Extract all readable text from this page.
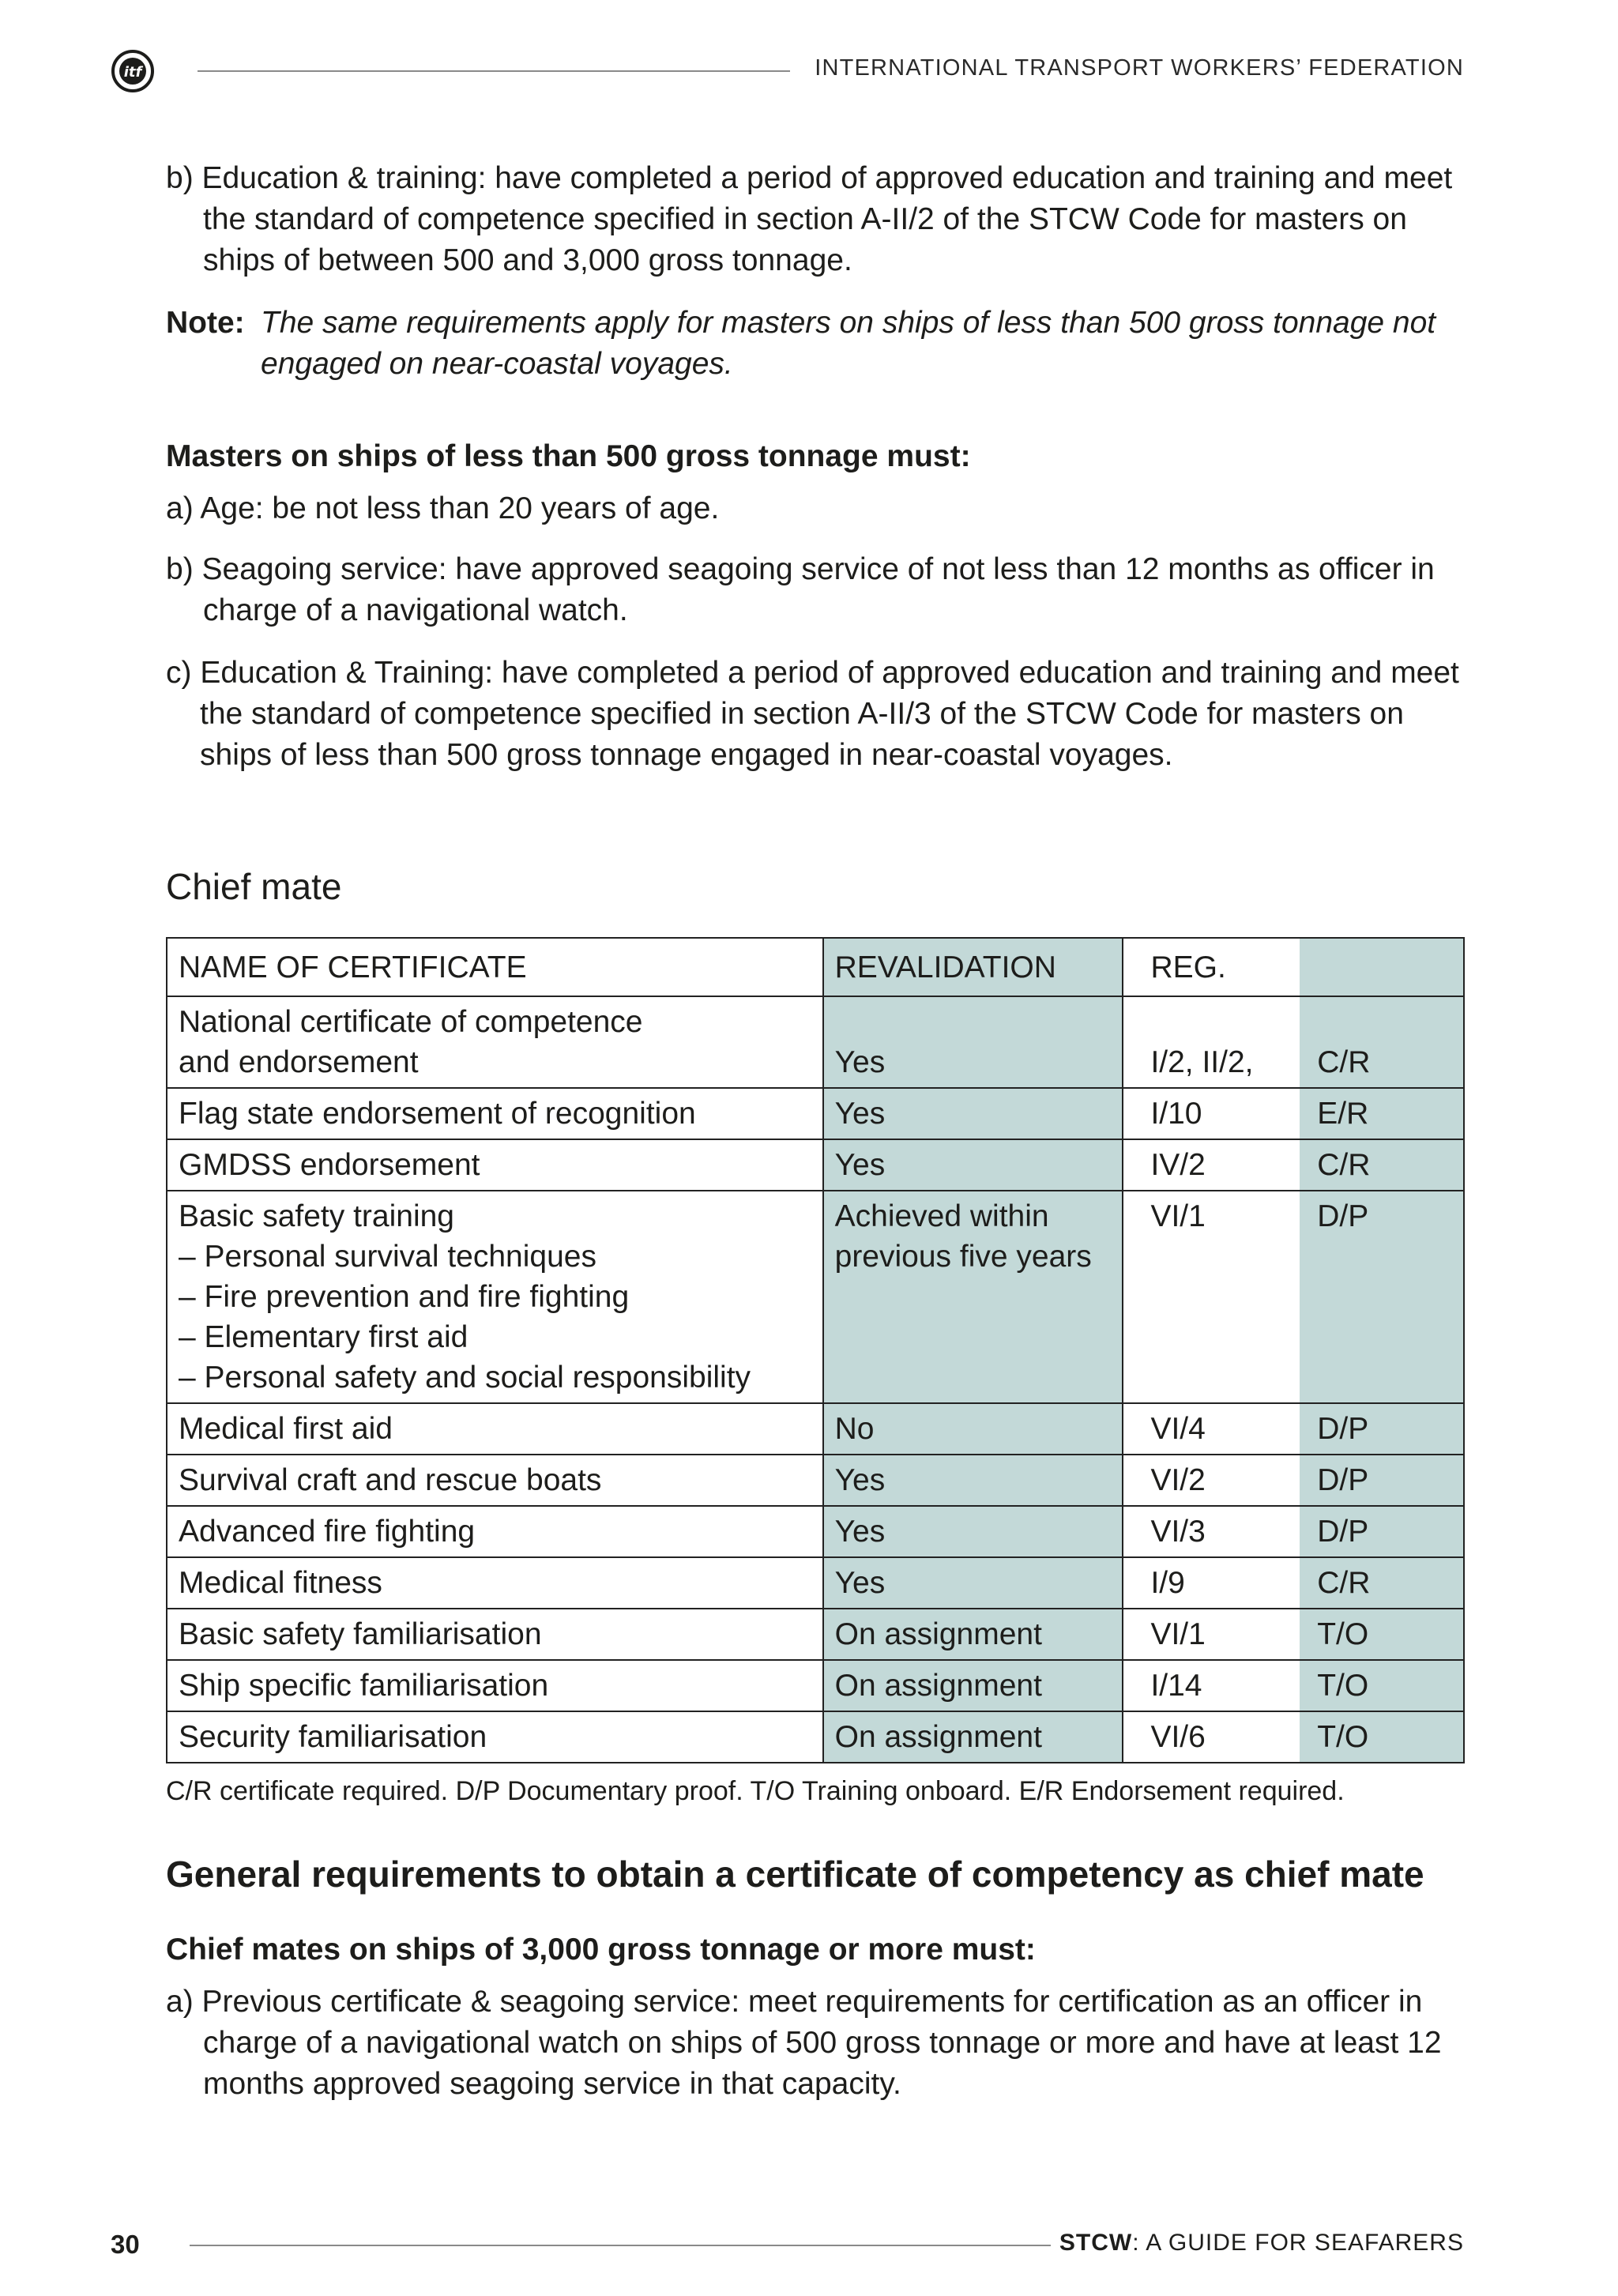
itf	INTERNATIONAL TRANSPORT WORKERS’ FEDERATION

b) Education & training: have completed a period of approved education and training and meet the standard of competence specified in section A-II/2 of the STCW Code for masters on ships of between 500 and 3,000 gross tonnage.

Note: The same requirements apply for masters on ships of less than 500 gross tonnage not engaged on near-coastal voyages.
Masters on ships of less than 500 gross tonnage must:

a) Age: be not less than 20 years of age.

b) Seagoing service: have approved seagoing service of not less than 12 months as officer in charge of a navigational watch.

c) Education & Training: have completed a period of approved education and training and meet the standard of competence specified in section A-II/3 of the STCW Code for masters on ships of less than 500 gross tonnage engaged in near-coastal voyages.

Chief mate
NAME OF CERTIFICATE	REVALIDATION	REG.	

National certificate of competence
and endorsement	Yes	I/2, II/2,	C/R
Flag state endorsement of recognition	Yes	I/10	E/R
GMDSS endorsement	Yes	IV/2	C/R

Basic safety training
– Personal survival techniques
– Fire prevention and fire fighting
– Elementary first aid
– Personal safety and social responsibility	Achieved within previous five years	VI/1	D/P
Medical first aid	No	VI/4	D/P
Survival craft and rescue boats	Yes	VI/2	D/P
Advanced fire fighting	Yes	VI/3	D/P
Medical fitness	Yes	I/9	C/R
Basic safety familiarisation	On assignment	VI/1	T/O
Ship specific familiarisation	On assignment	I/14	T/O
Security familiarisation	On assignment	VI/6	T/O

C/R certificate required. D/P Documentary proof. T/O Training onboard. E/R Endorsement required.

General requirements to obtain a certificate of competency as chief mate
Chief mates on ships of 3,000 gross tonnage or more must:

a) Previous certificate & seagoing service: meet requirements for certification as an officer in charge of a navigational watch on ships of 500 gross tonnage or more and have at least 12 months approved seagoing service in that capacity.

30	STCW: A GUIDE FOR SEAFARERS
